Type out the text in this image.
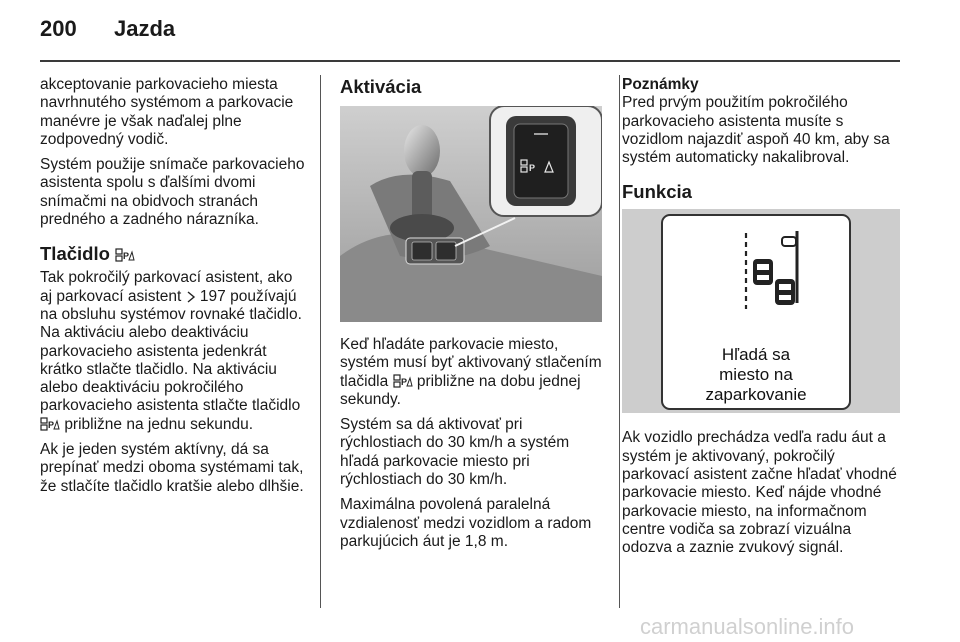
200 Jazda

akceptovanie parkovacieho miesta navrhnutého systémom a parkovacie manévre je však naďalej plne zodpovedný vodič.

Systém použije snímače parkovacieho asistenta spolu s ďalšími dvomi snímačmi na obidvoch stranách predného a zadného nárazníka.

Tlačidlo P

Tak pokročilý parkovací asistent, ako aj parkovací asistent 197 používajú na obsluhu systémov rovnaké tlačidlo. Na aktiváciu alebo deaktiváciu parkovacieho asistenta jedenkrát krátko stlačte tlačidlo. Na aktiváciu alebo deaktiváciu pokročilého parkovacieho asistenta stlačte tlačidlo
P približne na jednu sekundu.

Ak je jeden systém aktívny, dá sa prepínať medzi oboma systémami tak, že stlačíte tlačidlo kratšie alebo dlhšie.

Aktivácia
P

Keď hľadáte parkovacie miesto, systém musí byť aktivovaný stlačením tlačidla P približne na dobu jednej sekundy.

Systém sa dá aktivovať pri rýchlostiach do 30 km/h a systém hľadá parkovacie miesto pri rýchlostiach do 30 km/h.

Maximálna povolená paralelná vzdialenosť medzi vozidlom a radom parkujúcich áut je 1,8 m.

Poznámky
Pred prvým použitím pokročilého parkovacieho asistenta musíte s vozidlom najazdiť aspoň 40 km, aby sa systém automaticky nakalibroval.
Funkcia
Hľadá sa
miesto na
zaparkovanie

Ak vozidlo prechádza vedľa radu áut a systém je aktivovaný, pokročilý parkovací asistent začne hľadať vhodné parkovacie miesto. Keď nájde vhodné parkovacie miesto, na informačnom centre vodiča sa zobrazí vizuálna odozva a zaznie zvukový signál.

carmanualsonline.info
